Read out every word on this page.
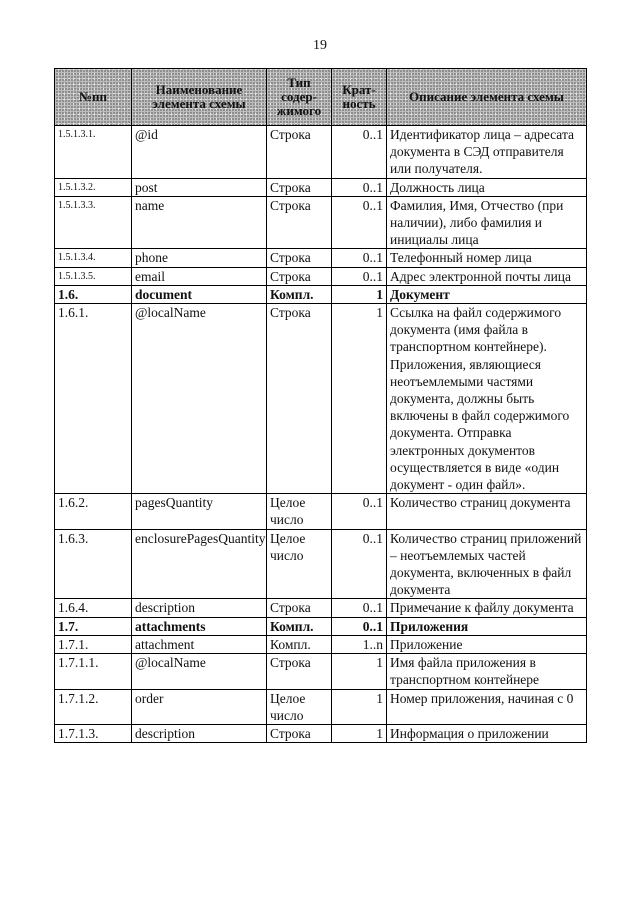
19
№пп	Наименование элемента схемы	Тип содер- жимого	Крат- ность	Описание элемента схемы
1.5.1.3.1.	@id	Строка	0..1	Идентификатор лица – адресата документа в СЭД отправителя или получателя.
1.5.1.3.2.	post	Строка	0..1	Должность лица
1.5.1.3.3.	name	Строка	0..1	Фамилия, Имя, Отчество (при наличии), либо фамилия и инициалы лица
1.5.1.3.4.	phone	Строка	0..1	Телефонный номер лица
1.5.1.3.5.	email	Строка	0..1	Адрес электронной почты лица
1.6.	document	Компл.	1	Документ
1.6.1.	@localName	Строка	1	Ссылка на файл содержимого документа (имя файла в транспортном контейнере). Приложения, являющиеся неотъемлемыми частями документа, должны быть включены в файл содержимого документа. Отправка электронных документов осуществляется в виде «один документ - один файл».
1.6.2.	pagesQuantity	Целое число	0..1	Количество страниц документа
1.6.3.	enclosurePagesQuantity	Целое число	0..1	Количество страниц приложений – неотъемлемых частей документа, включенных в файл документа
1.6.4.	description	Строка	0..1	Примечание к файлу документа
1.7.	attachments	Компл.	0..1	Приложения
1.7.1.	attachment	Компл.	1..n	Приложение
1.7.1.1.	@localName	Строка	1	Имя файла приложения в транспортном контейнере
1.7.1.2.	order	Целое число	1	Номер приложения, начиная с 0
1.7.1.3.	description	Строка	1	Информация о приложении
